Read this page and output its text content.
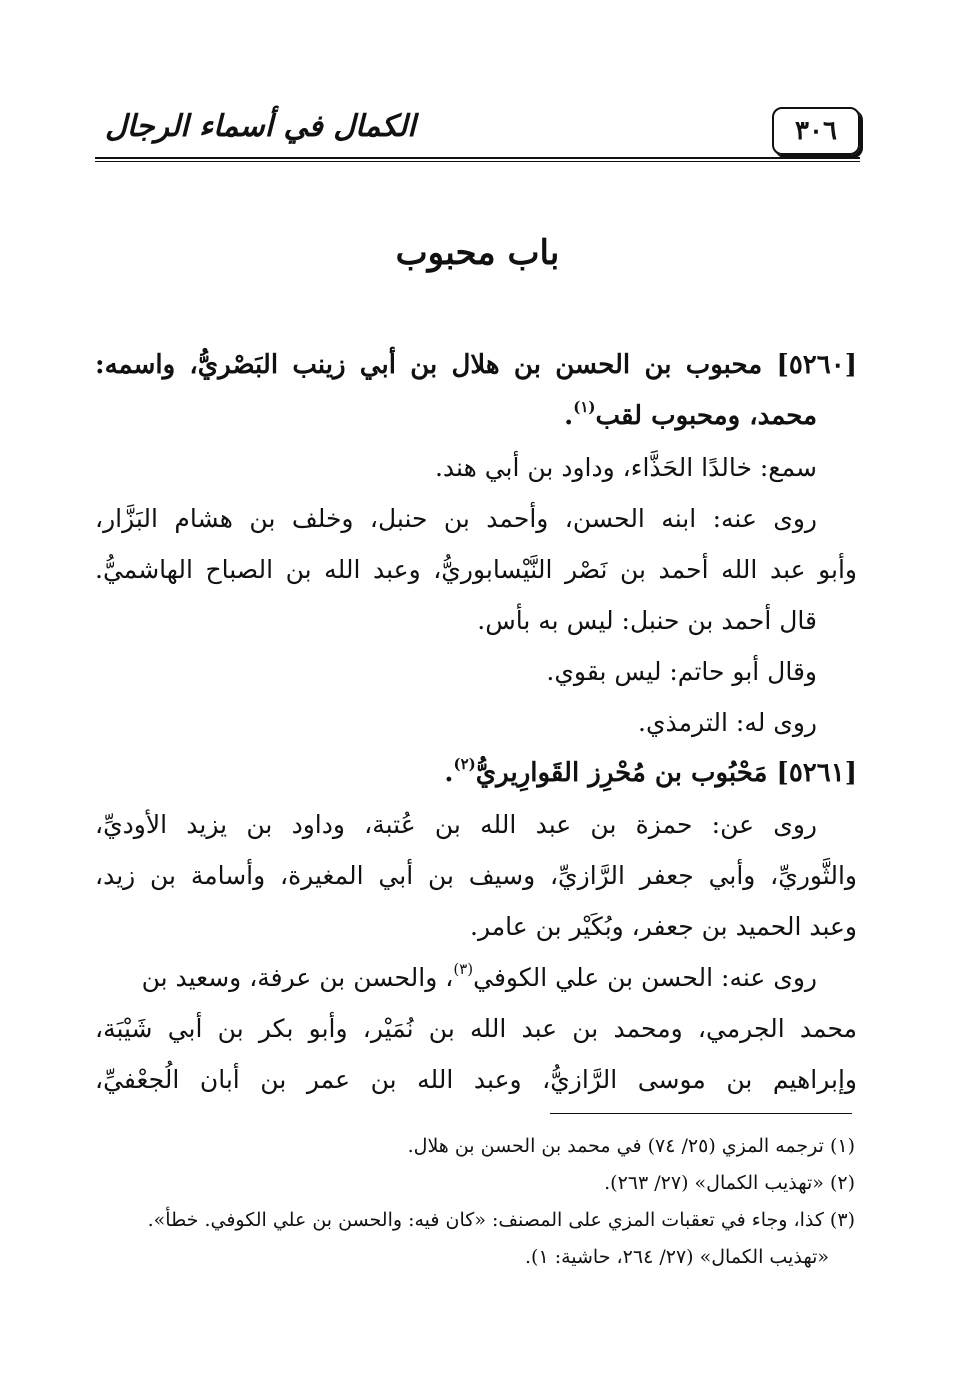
٣٠٦
الكمال في أسماء الرجال
باب محبوب
[٥٢٦٠] محبوب بن الحسن بن هلال بن أبي زينب البَصْريُّ، واسمه:
محمد، ومحبوب لقب$^{(١)}$.
سمع: خالدًا الحَذَّاء، وداود بن أبي هند.
روى عنه: ابنه الحسن، وأحمد بن حنبل، وخلف بن هشام البَزَّار،
وأبو عبد الله أحمد بن نَصْر النَّيْسابوريُّ، وعبد الله بن الصباح الهاشميُّ.
قال أحمد بن حنبل: ليس به بأس.
وقال أبو حاتم: ليس بقوي.
روى له: الترمذي.
[٥٢٦١] مَحْبُوب بن مُحْرِز القَوارِيريُّ$^{(٢)}$.
روى عن: حمزة بن عبد الله بن عُتبة، وداود بن يزيد الأوديِّ،
والثَّوريِّ، وأبي جعفر الرَّازيِّ، وسيف بن أبي المغيرة، وأسامة بن زيد،
وعبد الحميد بن جعفر، وبُكَيْر بن عامر.
روى عنه: الحسن بن علي الكوفي$^{(٣)}$، والحسن بن عرفة، وسعيد بن
محمد الجرمي، ومحمد بن عبد الله بن نُمَيْر، وأبو بكر بن أبي شَيْبَة،
وإبراهيم بن موسى الرَّازيُّ، وعبد الله بن عمر بن أبان الُجعْفيِّ،
(١) ترجمه المزي (٢٥/ ٧٤) في محمد بن الحسن بن هلال.
(٢) «تهذيب الكمال» (٢٧/ ٢٦٣).
(٣) كذا، وجاء في تعقبات المزي على المصنف: «كان فيه: والحسن بن علي الكوفي. خطأ».
«تهذيب الكمال» (٢٧/ ٢٦٤، حاشية: ١).
